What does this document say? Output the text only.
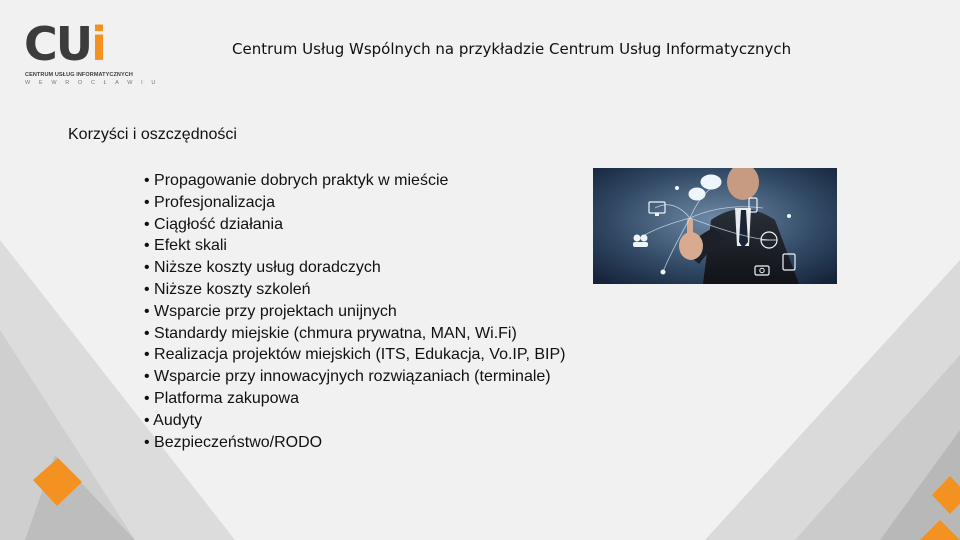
CUi
CENTRUM USŁUG INFORMATYCZNYCH
W E W R O C Ł A W I U
Centrum Usług Wspólnych na przykładzie Centrum Usług Informatycznych
Korzyści i oszczędności
• Propagowanie dobrych praktyk w mieście
• Profesjonalizacja
• Ciągłość działania
• Efekt skali
• Niższe koszty usług doradczych
• Niższe koszty szkoleń
• Wsparcie przy projektach unijnych
• Standardy miejskie (chmura prywatna, MAN, Wi.Fi)
• Realizacja projektów miejskich (ITS, Edukacja, Vo.IP, BIP)
• Wsparcie przy innowacyjnych rozwiązaniach (terminale)
• Platforma zakupowa
• Audyty
• Bezpieczeństwo/RODO
